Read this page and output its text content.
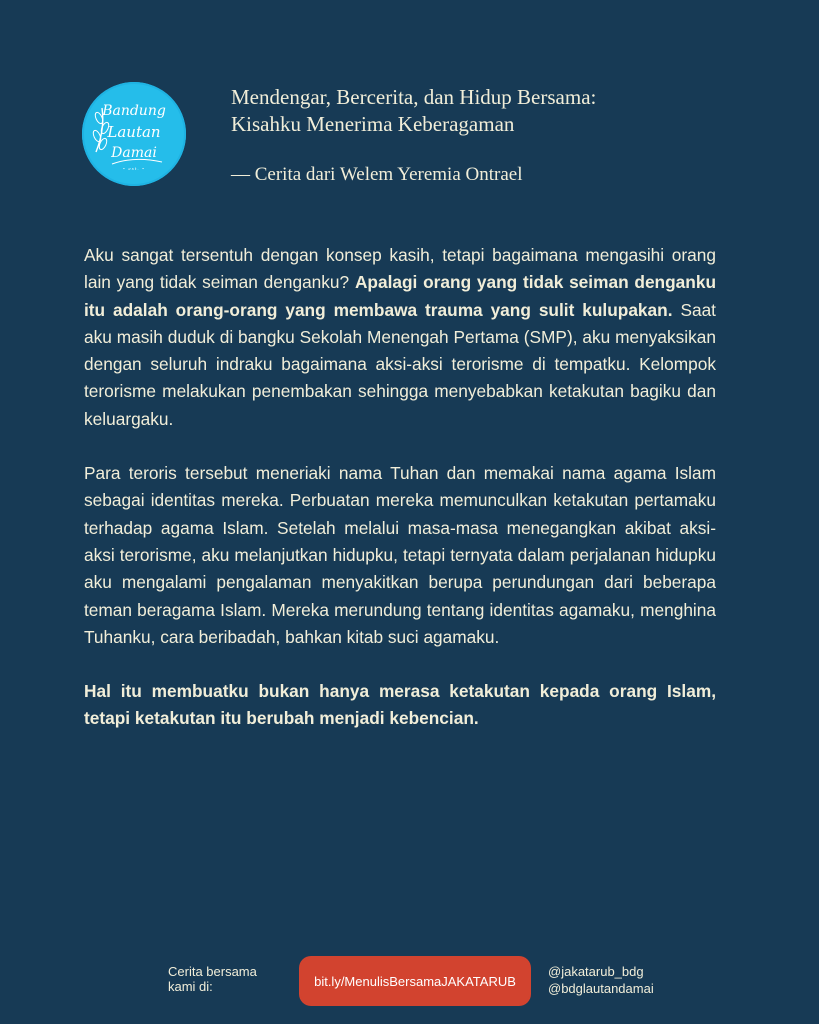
Bandung
Lautan
Damai
• est. •
Mendengar, Bercerita, dan Hidup Bersama:
Kisahku Menerima Keberagaman
— Cerita dari Welem Yeremia Ontrael

Aku sangat tersentuh dengan konsep kasih, tetapi bagaimana mengasihi orang lain yang tidak seiman denganku? Apalagi orang yang tidak seiman denganku itu adalah orang-orang yang membawa trauma yang sulit kulupakan. Saat aku masih duduk di bangku Sekolah Menengah Pertama (SMP), aku menyaksikan dengan seluruh indraku bagaimana aksi-aksi terorisme di tempatku. Kelompok terorisme melakukan penembakan sehingga menyebabkan ketakutan bagiku dan keluargaku.

Para teroris tersebut meneriaki nama Tuhan dan memakai nama agama Islam sebagai identitas mereka. Perbuatan mereka memunculkan ketakutan pertamaku terhadap agama Islam. Setelah melalui masa-masa menegangkan akibat aksi-aksi terorisme, aku melanjutkan hidupku, tetapi ternyata dalam perjalanan hidupku aku mengalami pengalaman menyakitkan berupa perundungan dari beberapa teman beragama Islam. Mereka merundung tentang identitas agamaku, menghina Tuhanku, cara beribadah, bahkan kitab suci agamaku.

Hal itu membuatku bukan hanya merasa ketakutan kepada orang Islam, tetapi ketakutan itu berubah menjadi kebencian.

Cerita bersama
kami di:	bit.ly/MenulisBersamaJAKATARUB
@jakatarub_bdg
@bdglautandamai
